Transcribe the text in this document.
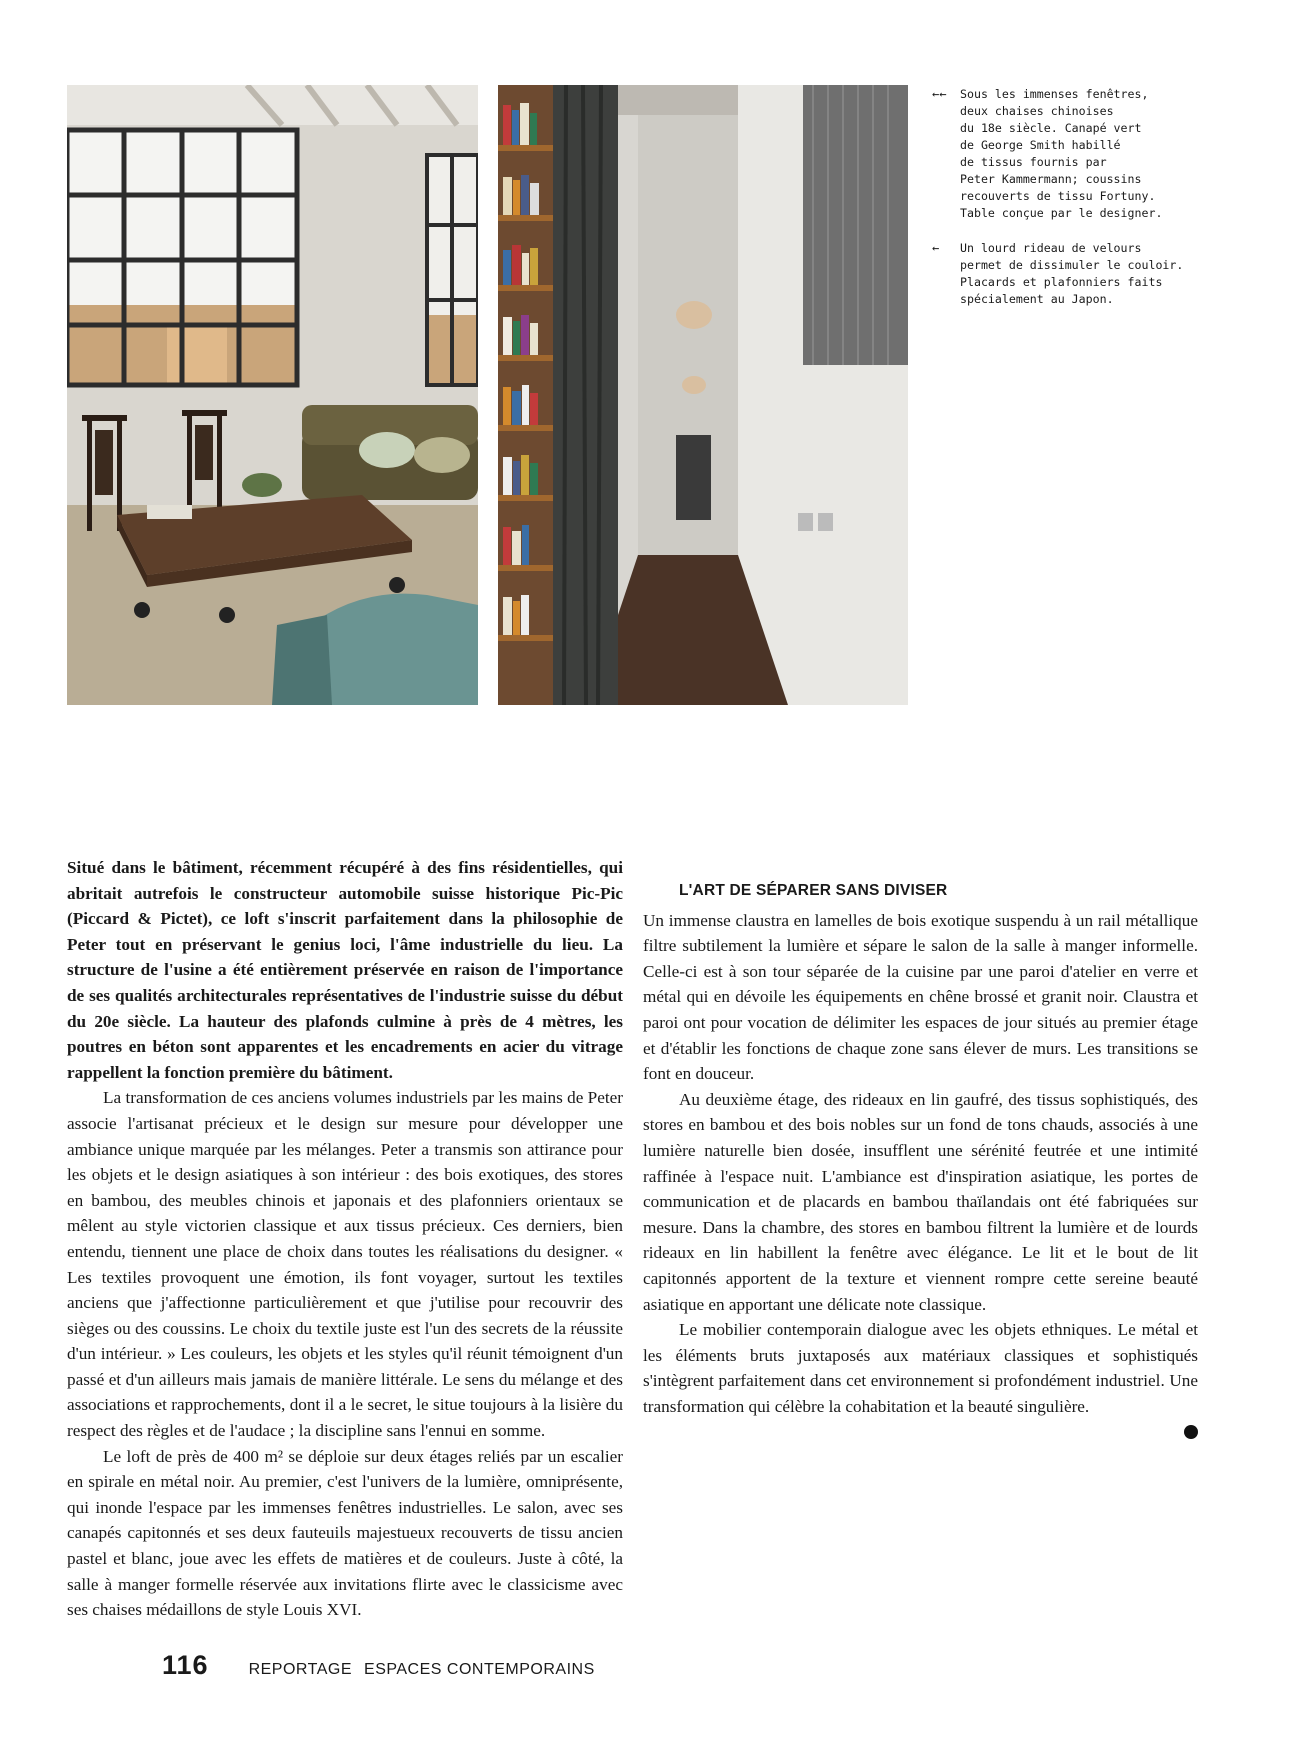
←←	Sous les immenses fenêtres,
deux chaises chinoises
du 18e siècle. Canapé vert
de George Smith habillé
de tissus fournis par
Peter Kammermann; coussins
recouverts de tissu Fortuny.
Table conçue par le designer.

←	Un lourd rideau de velours
permet de dissimuler le couloir.
Placards et plafonniers faits
spécialement au Japon.

Situé dans le bâtiment, récemment récupéré à des fins résidentielles, qui abritait autrefois le constructeur automobile suisse historique Pic-Pic (Piccard & Pictet), ce loft s'inscrit parfaitement dans la philosophie de Peter tout en préservant le genius loci, l'âme industrielle du lieu. La structure de l'usine a été entièrement préservée en raison de l'importance de ses qualités architecturales représentatives de l'industrie suisse du début du 20e siècle. La hauteur des plafonds culmine à près de 4 mètres, les poutres en béton sont apparentes et les encadrements en acier du vitrage rappellent la fonction première du bâtiment.

La transformation de ces anciens volumes industriels par les mains de Peter associe l'artisanat précieux et le design sur mesure pour développer une ambiance unique marquée par les mélanges. Peter a transmis son attirance pour les objets et le design asiatiques à son intérieur : des bois exotiques, des stores en bambou, des meubles chinois et japonais et des plafonniers orientaux se mêlent au style victorien classique et aux tissus précieux. Ces derniers, bien entendu, tiennent une place de choix dans toutes les réalisations du designer. « Les textiles provoquent une émotion, ils font voyager, surtout les textiles anciens que j'affectionne particulièrement et que j'utilise pour recouvrir des sièges ou des coussins. Le choix du textile juste est l'un des secrets de la réussite d'un intérieur. » Les couleurs, les objets et les styles qu'il réunit témoignent d'un passé et d'un ailleurs mais jamais de manière littérale. Le sens du mélange et des associations et rapprochements, dont il a le secret, le situe toujours à la lisière du respect des règles et de l'audace ; la discipline sans l'ennui en somme.

Le loft de près de 400 m² se déploie sur deux étages reliés par un escalier en spirale en métal noir. Au premier, c'est l'univers de la lumière, omniprésente, qui inonde l'espace par les immenses fenêtres industrielles. Le salon, avec ses canapés capitonnés et ses deux fauteuils majestueux recouverts de tissu ancien pastel et blanc, joue avec les effets de matières et de couleurs. Juste à côté, la salle à manger formelle réservée aux invitations flirte avec le classicisme avec ses chaises médaillons de style Louis XVI.

L'ART DE SÉPARER SANS DIVISER

Un immense claustra en lamelles de bois exotique suspendu à un rail métallique filtre subtilement la lumière et sépare le salon de la salle à manger informelle. Celle-ci est à son tour séparée de la cuisine par une paroi d'atelier en verre et métal qui en dévoile les équipements en chêne brossé et granit noir. Claustra et paroi ont pour vocation de délimiter les espaces de jour situés au premier étage et d'établir les fonctions de chaque zone sans élever de murs. Les transitions se font en douceur.

Au deuxième étage, des rideaux en lin gaufré, des tissus sophistiqués, des stores en bambou et des bois nobles sur un fond de tons chauds, associés à une lumière naturelle bien dosée, insufflent une sérénité feutrée et une intimité raffinée à l'espace nuit. L'ambiance est d'inspiration asiatique, les portes de communication et de placards en bambou thaïlandais ont été fabriquées sur mesure. Dans la chambre, des stores en bambou filtrent la lumière et de lourds rideaux en lin habillent la fenêtre avec élégance. Le lit et le bout de lit capitonnés apportent de la texture et viennent rompre cette sereine beauté asiatique en apportant une délicate note classique.

Le mobilier contemporain dialogue avec les objets ethniques. Le métal et les éléments bruts juxtaposés aux matériaux classiques et sophistiqués s'intègrent parfaitement dans cet environnement si profondément industriel. Une transformation qui célèbre la cohabitation et la beauté singulière.

116	REPORTAGE ESPACES CONTEMPORAINS
